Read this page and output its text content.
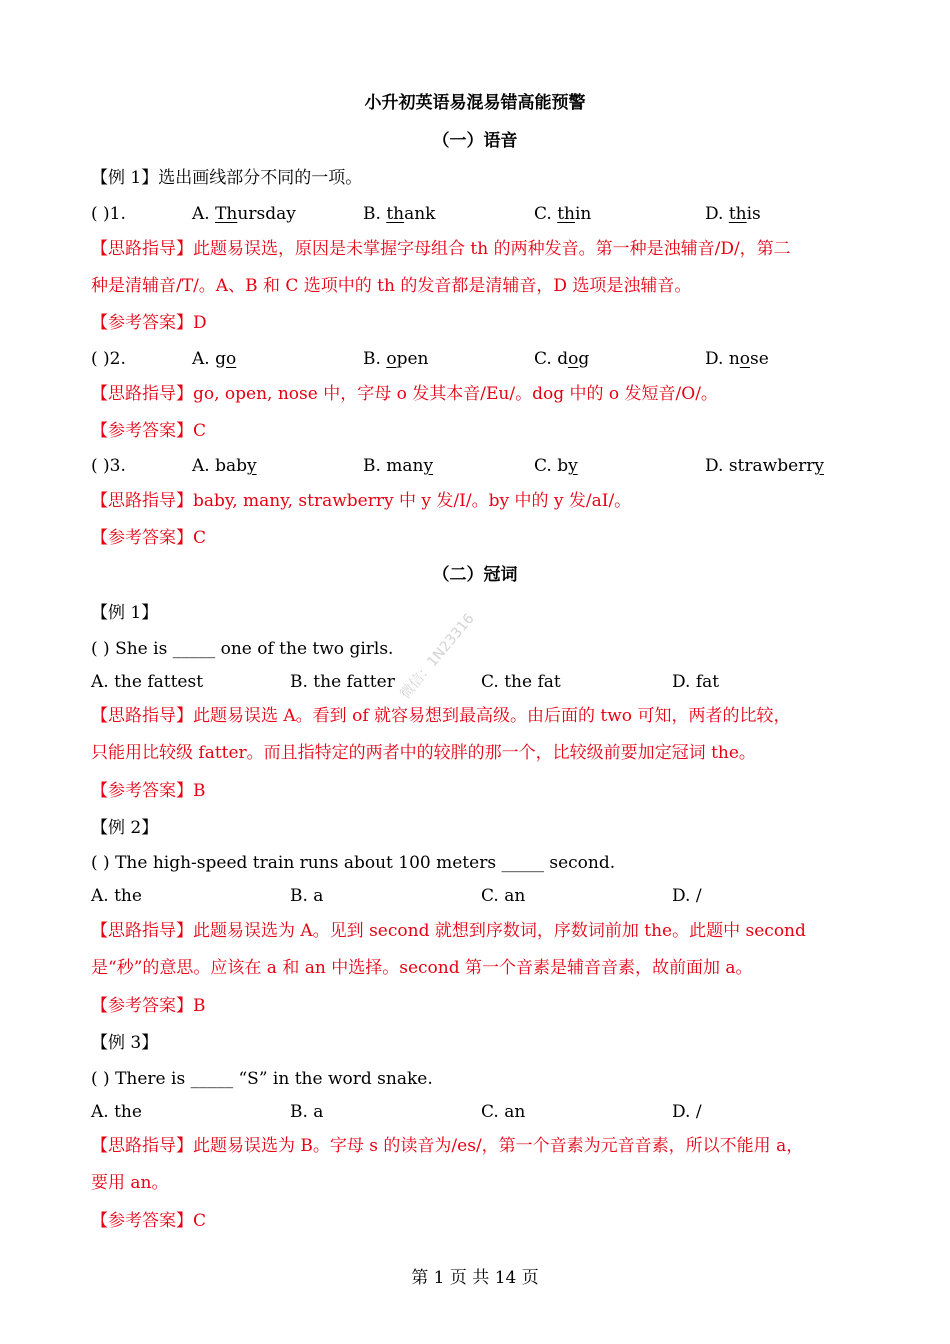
小升初英语易混易错高能预警
（一）语音
【例 1】选出画线部分不同的一项。
( )1.	A. Thursday	B. thank	C. thin	D. this
【思路指导】此题易误选，原因是未掌握字母组合 th 的两种发音。第一种是浊辅音/D/，第二
种是清辅音/T/。A、B 和 C 选项中的 th 的发音都是清辅音，D 选项是浊辅音。
【参考答案】D
( )2.	A. go	B. open	C. dog	D. nose
【思路指导】go, open, nose 中，字母 o 发其本音/Eu/。dog 中的 o 发短音/O/。
【参考答案】C
( )3.	A. baby	B. many	C. by	D. strawberry
【思路指导】baby, many, strawberry 中 y 发/I/。by 中的 y 发/aI/。
【参考答案】C
（二）冠词
【例 1】
( ) She is _____ one of the two girls.
A. the fattest	B. the fatter	C. the fat	D. fat
【思路指导】此题易误选 A。看到 of 就容易想到最高级。由后面的 two 可知，两者的比较，
只能用比较级 fatter。而且指特定的两者中的较胖的那一个，比较级前要加定冠词 the。
【参考答案】B
【例 2】
( ) The high-speed train runs about 100 meters _____ second.
A. the	B. a	C. an	D. /
【思路指导】此题易误选为 A。见到 second 就想到序数词，序数词前加 the。此题中 second
是“秒”的意思。应该在 a 和 an 中选择。second 第一个音素是辅音音素，故前面加 a。
【参考答案】B
【例 3】
( ) There is _____ “S” in the word snake.
A. the	B. a	C. an	D. /
【思路指导】此题易误选为 B。字母 s 的读音为/es/，第一个音素为元音音素，所以不能用 a，
要用 an。
【参考答案】C
微信：1N23316
第 1 页 共 14 页
